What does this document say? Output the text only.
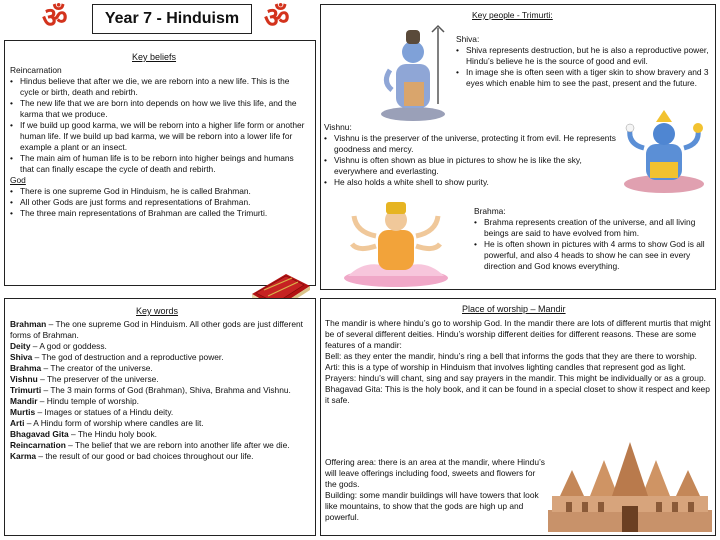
ॐ	Year 7 - Hinduism ॐ
Key beliefs
Reincarnation
• Hindus believe that after we die, we are reborn into a new life. This is the cycle or birth, death and rebirth.
• The new life that we are born into depends on how we live this life, and the karma that we produce.
• If we build up good karma, we will be reborn into a higher life form or another human life. If we build up bad karma, we will be reborn into a lower life for example a plant or an insect.
• The main aim of human life is to be reborn into higher beings and humans that can finally escape the cycle of death and rebirth.
God
• There is one supreme God in Hinduism, he is called Brahman.
• All other Gods are just forms and representations of Brahman.
• The three main representations of Brahman are called the Trimurti.
Key words

Brahman – The one supreme God in Hinduism. All other gods are just different forms of Brahman.

Deity – A god or goddess.

Shiva – The god of destruction and a reproductive power.

Brahma – The creator of the universe.

Vishnu – The preserver of the universe.

Trimurti – The 3 main forms of God (Brahman), Shiva, Brahma and Vishnu.

Mandir – Hindu temple of worship.

Murtis – Images or statues of a Hindu deity.

Arti – A Hindu form of worship where candles are lit.

Bhagavad Gita – The Hindu holy book.

Reincarnation – The belief that we are reborn into another life after we die.

Karma – the result of our good or bad choices throughout our life.

Key people - Trimurti:
Shiva:
• Shiva represents destruction, but he is also a reproductive power, Hindu’s believe he is the source of good and evil.
• In image she is often seen with a tiger skin to show bravery and 3 eyes which enable him to see the past, present and the future.
Vishnu:
• Vishnu is the preserver of the universe, protecting it from evil. He represents goodness and mercy.
• Vishnu is often shown as blue in pictures to show he is like the sky, everywhere and everlasting.
• He also holds a white shell to show purity.
Brahma:
• Brahma represents creation of the universe, and all living beings are said to have evolved from him.
• He is often shown in pictures with 4 arms to show God is all powerful, and also 4 heads to show he can see in every direction and God knows everything.
Place of worship – Mandir
The mandir is where hindu’s go to worship God. In the mandir there are lots of different murtis that might be of several different deities. Hindu’s worship different deities for different reasons. These are some features of a mandir:
Bell: as they enter the mandir, hindu’s ring a bell that informs the gods that they are there to worship.
Arti: this is a type of worship in Hinduism that involves lighting candles that represent god as light.
Prayers: hindu’s will chant, sing and say prayers in the mandir. This might be individually or as a group.
Bhagavad Gita: This is the holy book, and it can be found in a special closet to show it respect and keep it safe.
Offering area: there is an area at the mandir, where Hindu’s will leave offerings including food, sweets and flowers for the gods.
Building: some mandir buildings will have towers that look like mountains, to show that the gods are high up and powerful.
